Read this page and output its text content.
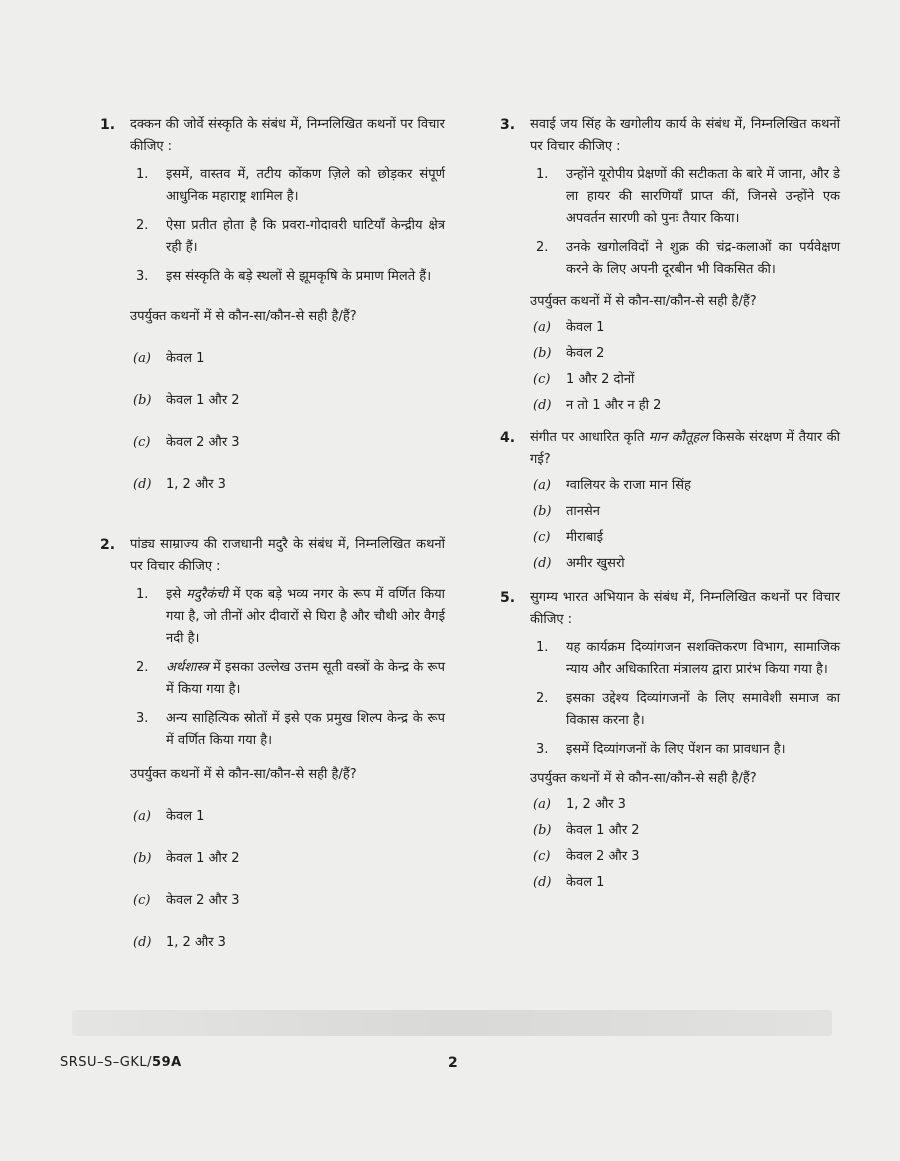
1. दक्कन की जोर्वे संस्कृति के संबंध में, निम्नलिखित कथनों पर विचार कीजिए :
1. इसमें, वास्तव में, तटीय कोंकण ज़िले को छोड़कर संपूर्ण आधुनिक महाराष्ट्र शामिल है।
2. ऐसा प्रतीत होता है कि प्रवरा-गोदावरी घाटियाँ केन्द्रीय क्षेत्र रही हैं।
3. इस संस्कृति के बड़े स्थलों से झूमकृषि के प्रमाण मिलते हैं।
उपर्युक्त कथनों में से कौन-सा/कौन-से सही है/हैं?
(a) केवल 1
(b) केवल 1 और 2
(c) केवल 2 और 3
(d) 1, 2 और 3
2. पांड्य साम्राज्य की राजधानी मदुरै के संबंध में, निम्नलिखित कथनों पर विचार कीजिए :
1. इसे मदुरैकंची में एक बड़े भव्य नगर के रूप में वर्णित किया गया है, जो तीनों ओर दीवारों से घिरा है और चौथी ओर वैगई नदी है।
2. अर्थशास्त्र में इसका उल्लेख उत्तम सूती वस्त्रों के केन्द्र के रूप में किया गया है।
3. अन्य साहित्यिक स्रोतों में इसे एक प्रमुख शिल्प केन्द्र के रूप में वर्णित किया गया है।
उपर्युक्त कथनों में से कौन-सा/कौन-से सही है/हैं?
(a) केवल 1
(b) केवल 1 और 2
(c) केवल 2 और 3
(d) 1, 2 और 3
3. सवाई जय सिंह के खगोलीय कार्य के संबंध में, निम्नलिखित कथनों पर विचार कीजिए :
1. उन्होंने यूरोपीय प्रेक्षणों की सटीकता के बारे में जाना, और डे ला हायर की सारणियाँ प्राप्त कीं, जिनसे उन्होंने एक अपवर्तन सारणी को पुनः तैयार किया।
2. उनके खगोलविदों ने शुक्र की चंद्र-कलाओं का पर्यवेक्षण करने के लिए अपनी दूरबीन भी विकसित की।
उपर्युक्त कथनों में से कौन-सा/कौन-से सही है/हैं?
(a) केवल 1
(b) केवल 2
(c) 1 और 2 दोनों
(d) न तो 1 और न ही 2
4. संगीत पर आधारित कृति मान कौतूहल किसके संरक्षण में तैयार की गई?
(a) ग्वालियर के राजा मान सिंह
(b) तानसेन
(c) मीराबाई
(d) अमीर खुसरो
5. सुगम्य भारत अभियान के संबंध में, निम्नलिखित कथनों पर विचार कीजिए :
1. यह कार्यक्रम दिव्यांगजन सशक्तिकरण विभाग, सामाजिक न्याय और अधिकारिता मंत्रालय द्वारा प्रारंभ किया गया है।
2. इसका उद्देश्य दिव्यांगजनों के लिए समावेशी समाज का विकास करना है।
3. इसमें दिव्यांगजनों के लिए पेंशन का प्रावधान है।
उपर्युक्त कथनों में से कौन-सा/कौन-से सही है/हैं?
(a) 1, 2 और 3
(b) केवल 1 और 2
(c) केवल 2 और 3
(d) केवल 1
SRSU–S–GKL/59A	2
